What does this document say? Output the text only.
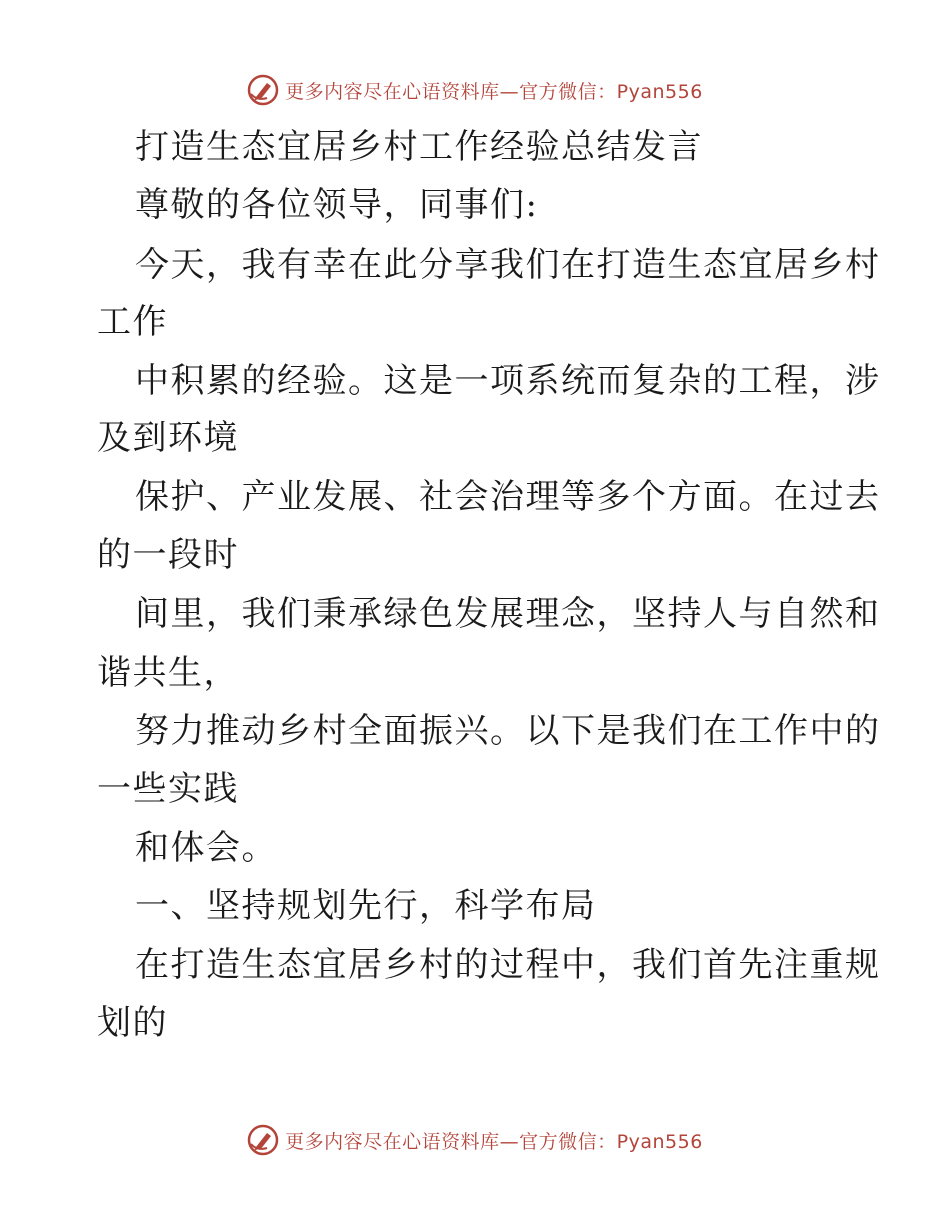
更多内容尽在心语资料库—官方微信：Pyan556
打造生态宜居乡村工作经验总结发言
尊敬的各位领导，同事们:
今天，我有幸在此分享我们在打造生态宜居乡村
工作
中积累的经验。这是一项系统而复杂的工程，涉
及到环境
保护、产业发展、社会治理等多个方面。在过去
的一段时
间里，我们秉承绿色发展理念，坚持人与自然和
谐共生，
努力推动乡村全面振兴。以下是我们在工作中的
一些实践
和体会。
一、坚持规划先行，科学布局
在打造生态宜居乡村的过程中，我们首先注重规
划的
更多内容尽在心语资料库—官方微信：Pyan556
